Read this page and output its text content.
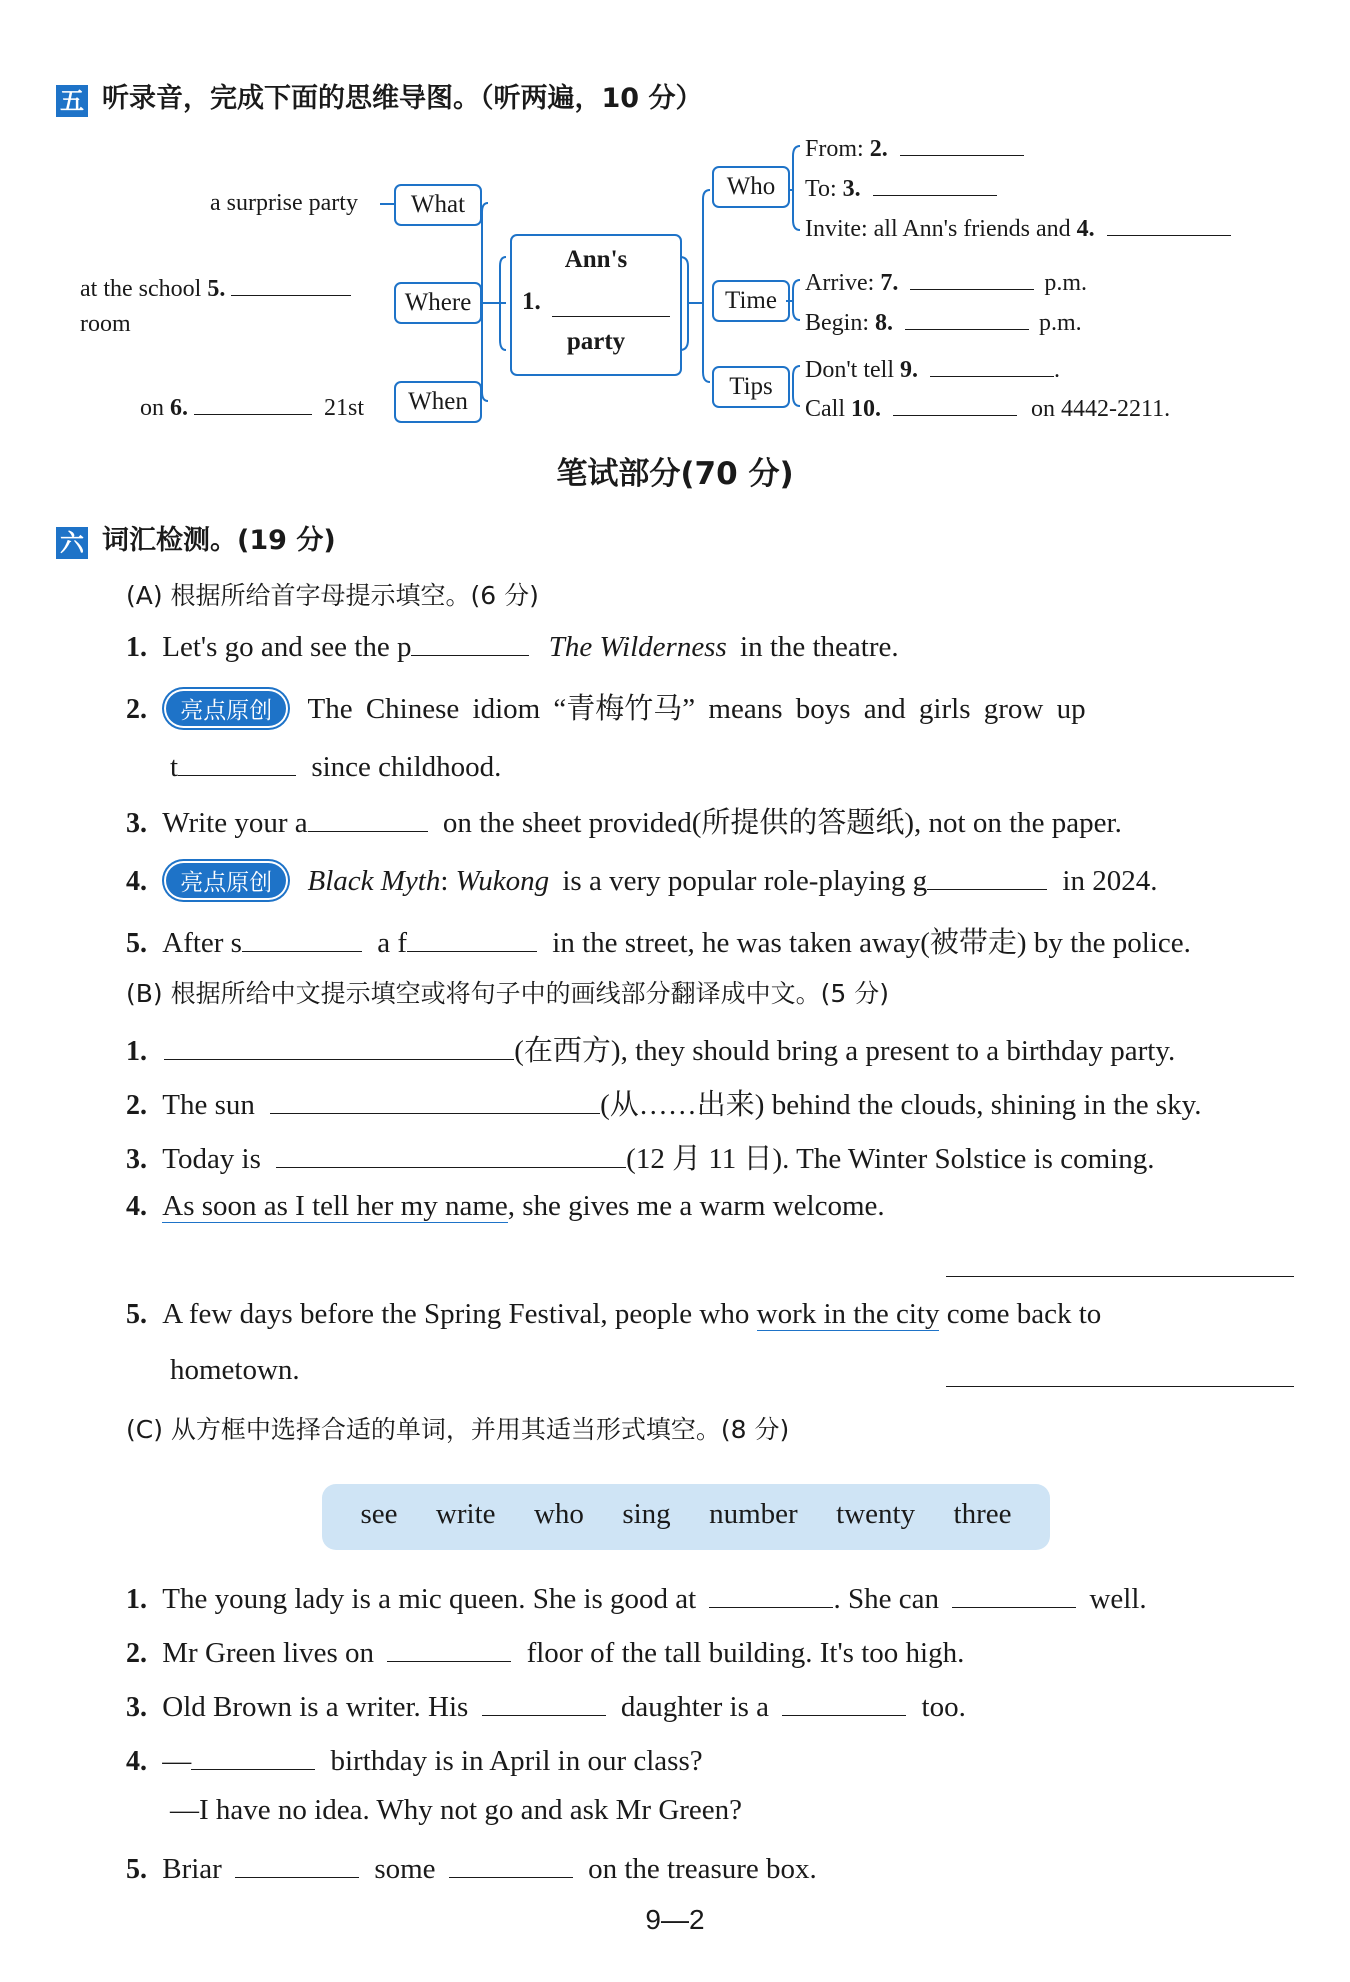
五 听录音，完成下面的思维导图。（听两遍，10 分）
Ann's
1.
party
What
Where
When
a surprise party
at the school 5.
room
on 6.	21st
Who
Time
Tips
From: 2.
To: 3.
Invite: all Ann's friends and 4.
Arrive: 7.	p.m.
Begin: 8.	p.m.
Don't tell 9.	.
Call 10.	on 4442-2211.
笔试部分(70 分)
六 词汇检测。(19 分)
(A) 根据所给首字母提示填空。(6 分)
1. Let's go and see the p	The Wilderness in the theatre.
2. 亮点原创 The Chinese idiom “青梅竹马” means boys and girls grow up
t	since childhood.
3. Write your a	on the sheet provided(所提供的答题纸), not on the paper.
4. 亮点原创 Black Myth: Wukong is a very popular role-playing g	in 2024.
5. After s	a f	in the street, he was taken away(被带走) by the police.
(B) 根据所给中文提示填空或将句子中的画线部分翻译成中文。(5 分)
1.	(在西方), they should bring a present to a birthday party.
2. The sun	(从……出来) behind the clouds, shining in the sky.
3. Today is	(12 月 11 日). The Winter Solstice is coming.
4. As soon as I tell her my name, she gives me a warm welcome.
5. A few days before the Spring Festival, people who work in the city come back to
hometown.
(C) 从方框中选择合适的单词，并用其适当形式填空。(8 分)
see write who sing number twenty three
1. The young lady is a mic queen. She is good at	. She can	well.
2. Mr Green lives on	floor of the tall building. It's too high.
3. Old Brown is a writer. His	daughter is a	too.
4. —	birthday is in April in our class?
—I have no idea. Why not go and ask Mr Green?
5. Briar	some	on the treasure box.
9—2
